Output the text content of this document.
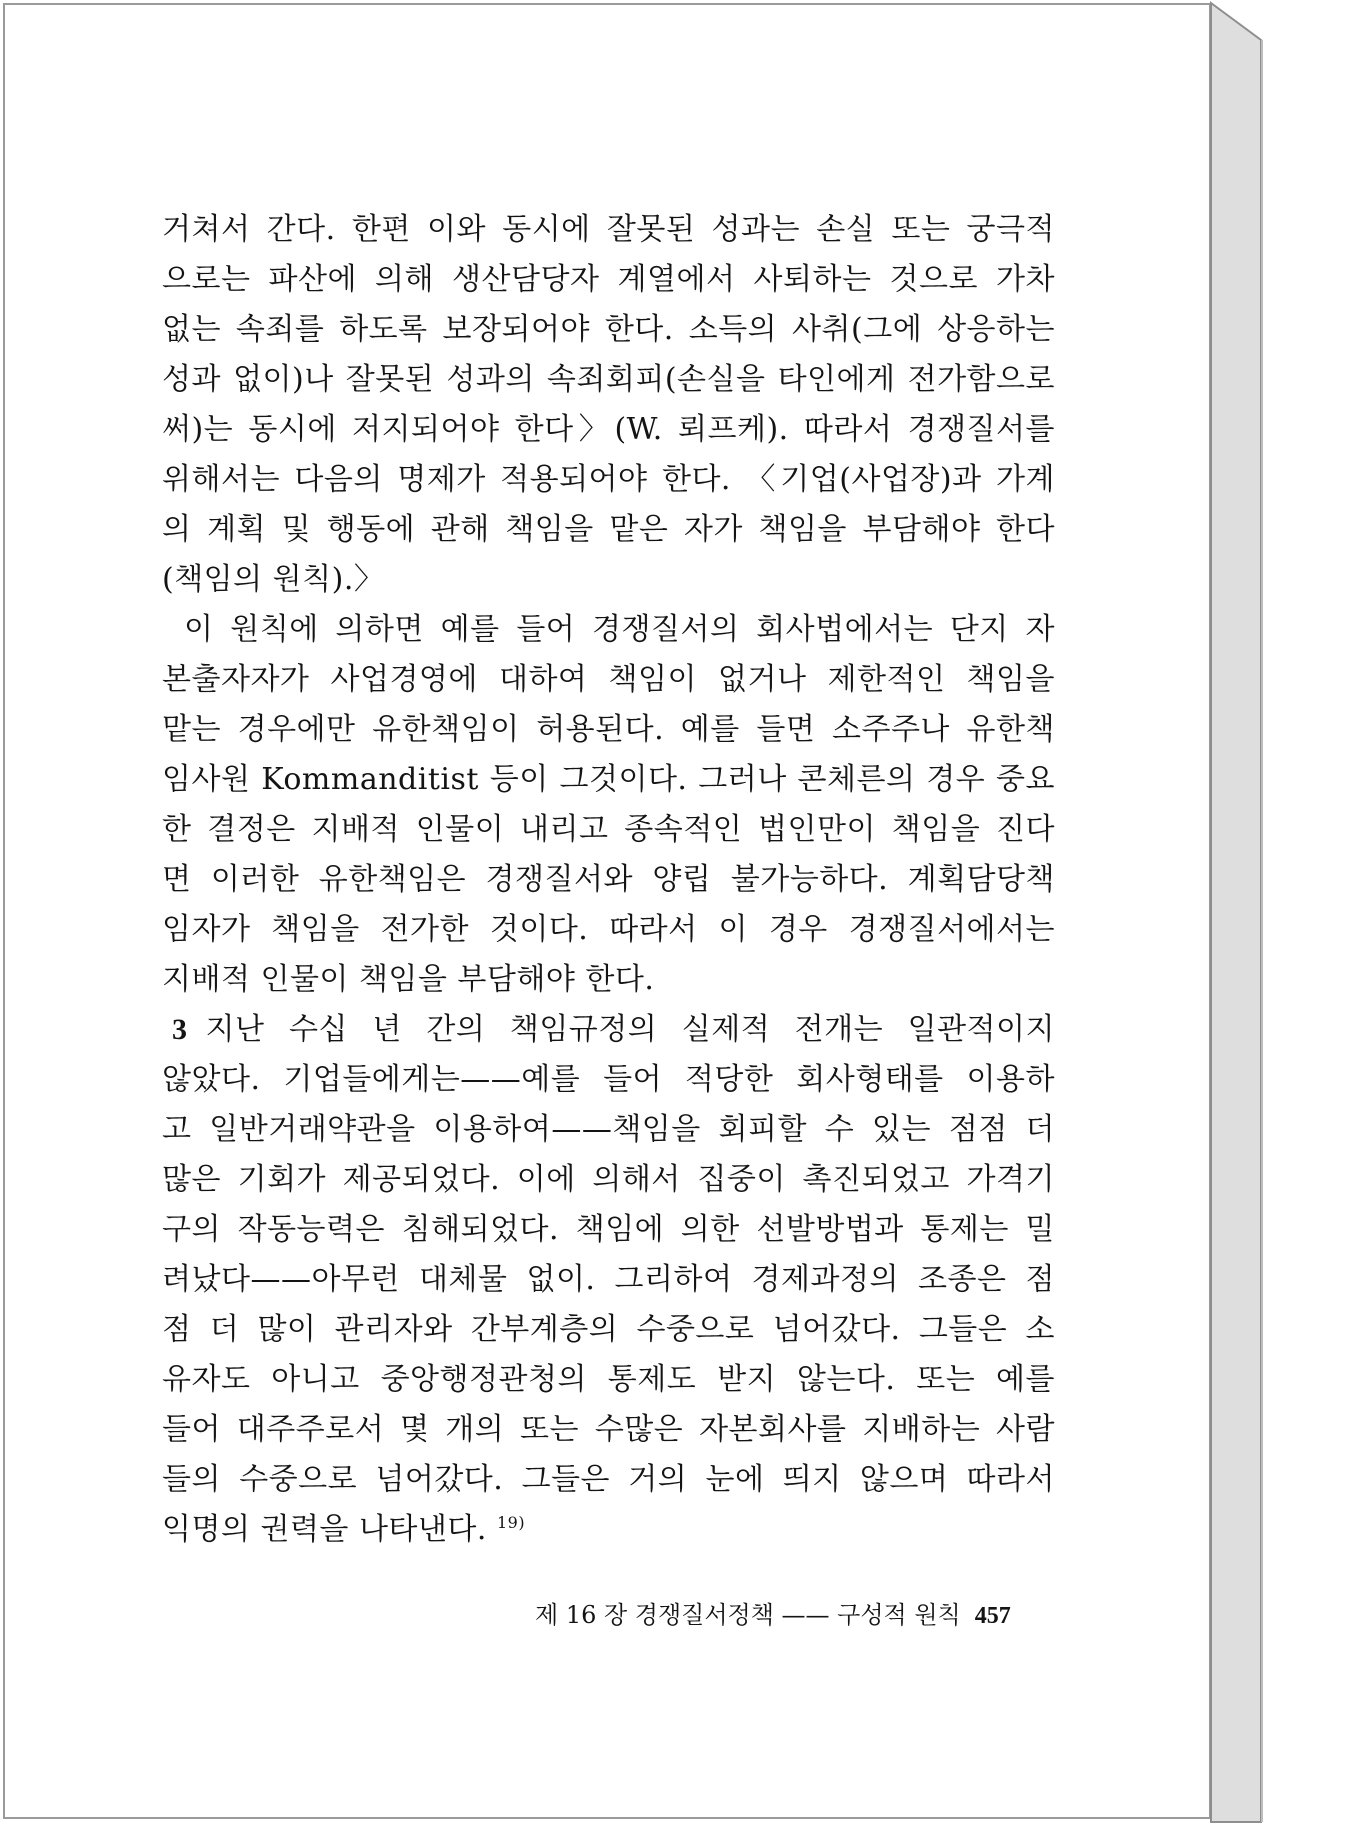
거쳐서 간다. 한편 이와 동시에 잘못된 성과는 손실 또는 궁극적
으로는 파산에 의해 생산담당자 계열에서 사퇴하는 것으로 가차
없는 속죄를 하도록 보장되어야 한다. 소득의 사취(그에 상응하는
성과 없이)나 잘못된 성과의 속죄회피(손실을 타인에게 전가함으로
써)는 동시에 저지되어야 한다〉(W. 뢰프케). 따라서 경쟁질서를
위해서는 다음의 명제가 적용되어야 한다. 〈기업(사업장)과 가계
의 계획 및 행동에 관해 책임을 맡은 자가 책임을 부담해야 한다
(책임의 원칙).〉
이 원칙에 의하면 예를 들어 경쟁질서의 회사법에서는 단지 자
본출자자가 사업경영에 대하여 책임이 없거나 제한적인 책임을
맡는 경우에만 유한책임이 허용된다. 예를 들면 소주주나 유한책
임사원 Kommanditist 등이 그것이다. 그러나 콘체른의 경우 중요
한 결정은 지배적 인물이 내리고 종속적인 법인만이 책임을 진다
면 이러한 유한책임은 경쟁질서와 양립 불가능하다. 계획담당책
임자가 책임을 전가한 것이다. 따라서 이 경우 경쟁질서에서는
지배적 인물이 책임을 부담해야 한다.
3 지난 수십 년 간의 책임규정의 실제적 전개는 일관적이지
않았다. 기업들에게는——예를 들어 적당한 회사형태를 이용하
고 일반거래약관을 이용하여——책임을 회피할 수 있는 점점 더
많은 기회가 제공되었다. 이에 의해서 집중이 촉진되었고 가격기
구의 작동능력은 침해되었다. 책임에 의한 선발방법과 통제는 밀
려났다——아무런 대체물 없이. 그리하여 경제과정의 조종은 점
점 더 많이 관리자와 간부계층의 수중으로 넘어갔다. 그들은 소
유자도 아니고 중앙행정관청의 통제도 받지 않는다. 또는 예를
들어 대주주로서 몇 개의 또는 수많은 자본회사를 지배하는 사람
들의 수중으로 넘어갔다. 그들은 거의 눈에 띄지 않으며 따라서
익명의 권력을 나타낸다. $^{19)}$
제 16 장 경쟁질서정책 —— 구성적 원칙 457
